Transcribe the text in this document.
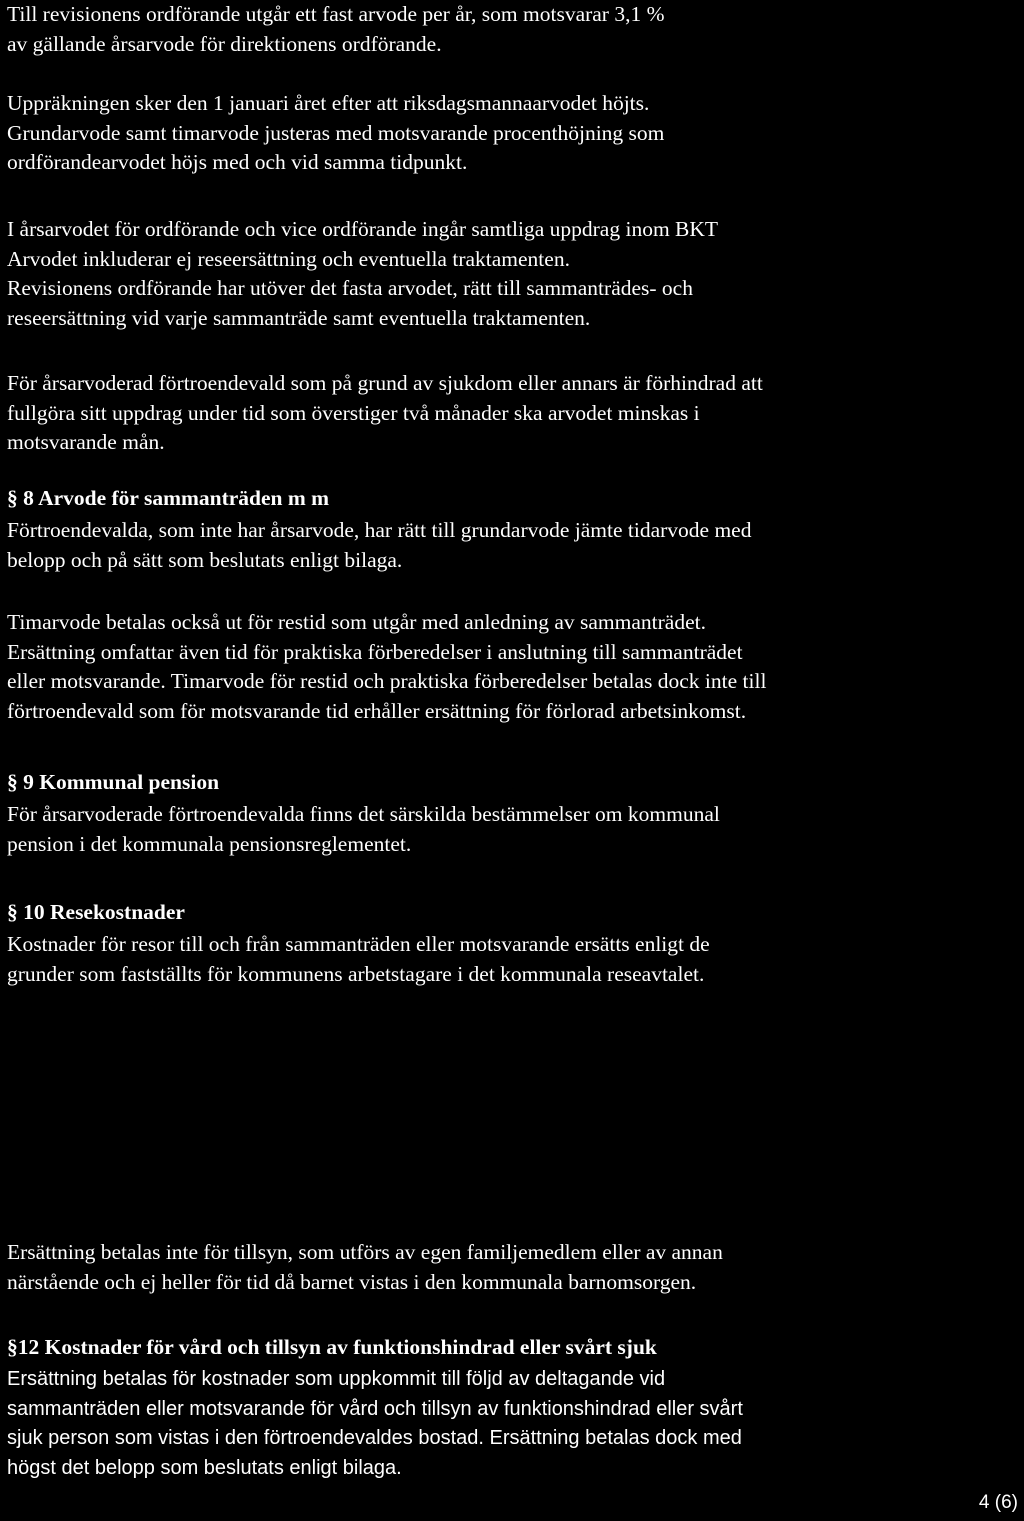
Till revisionens ordförande utgår ett fast arvode per år, som motsvarar 3,1 %
av gällande årsarvode för direktionens ordförande.

Uppräkningen sker den 1 januari året efter att riksdagsmannaarvodet höjts.
Grundarvode samt timarvode justeras med motsvarande procenthöjning som
ordförandearvodet höjs med och vid samma tidpunkt.

I årsarvodet för ordförande och vice ordförande ingår samtliga uppdrag inom BKT
Arvodet inkluderar ej reseersättning och eventuella traktamenten.
Revisionens ordförande har utöver det fasta arvodet, rätt till sammanträdes- och
reseersättning vid varje sammanträde samt eventuella traktamenten.

För årsarvoderad förtroendevald som på grund av sjukdom eller annars är förhindrad att
fullgöra sitt uppdrag under tid som överstiger två månader ska arvodet minskas i
motsvarande mån.

§ 8 Arvode för sammanträden m m

Förtroendevalda, som inte har årsarvode, har rätt till grundarvode jämte tidarvode med
belopp och på sätt som beslutats enligt bilaga.

Timarvode betalas också ut för restid som utgår med anledning av sammanträdet.
Ersättning omfattar även tid för praktiska förberedelser i anslutning till sammanträdet
eller motsvarande. Timarvode för restid och praktiska förberedelser betalas dock inte till
förtroendevald som för motsvarande tid erhåller ersättning för förlorad arbetsinkomst.

§ 9 Kommunal pension

För årsarvoderade förtroendevalda finns det särskilda bestämmelser om kommunal
pension i det kommunala pensionsreglementet.

§ 10 Resekostnader

Kostnader för resor till och från sammanträden eller motsvarande ersätts enligt de
grunder som fastställts för kommunens arbetstagare i det kommunala reseavtalet.

Ersättning betalas inte för tillsyn, som utförs av egen familjemedlem eller av annan
närstående och ej heller för tid då barnet vistas i den kommunala barnomsorgen.

§12 Kostnader för vård och tillsyn av funktionshindrad eller svårt sjuk

Ersättning betalas för kostnader som uppkommit till följd av deltagande vid
sammanträden eller motsvarande för vård och tillsyn av funktionshindrad eller svårt
sjuk person som vistas i den förtroendevaldes bostad. Ersättning betalas dock med
högst det belopp som beslutats enligt bilaga.

4 (6)
